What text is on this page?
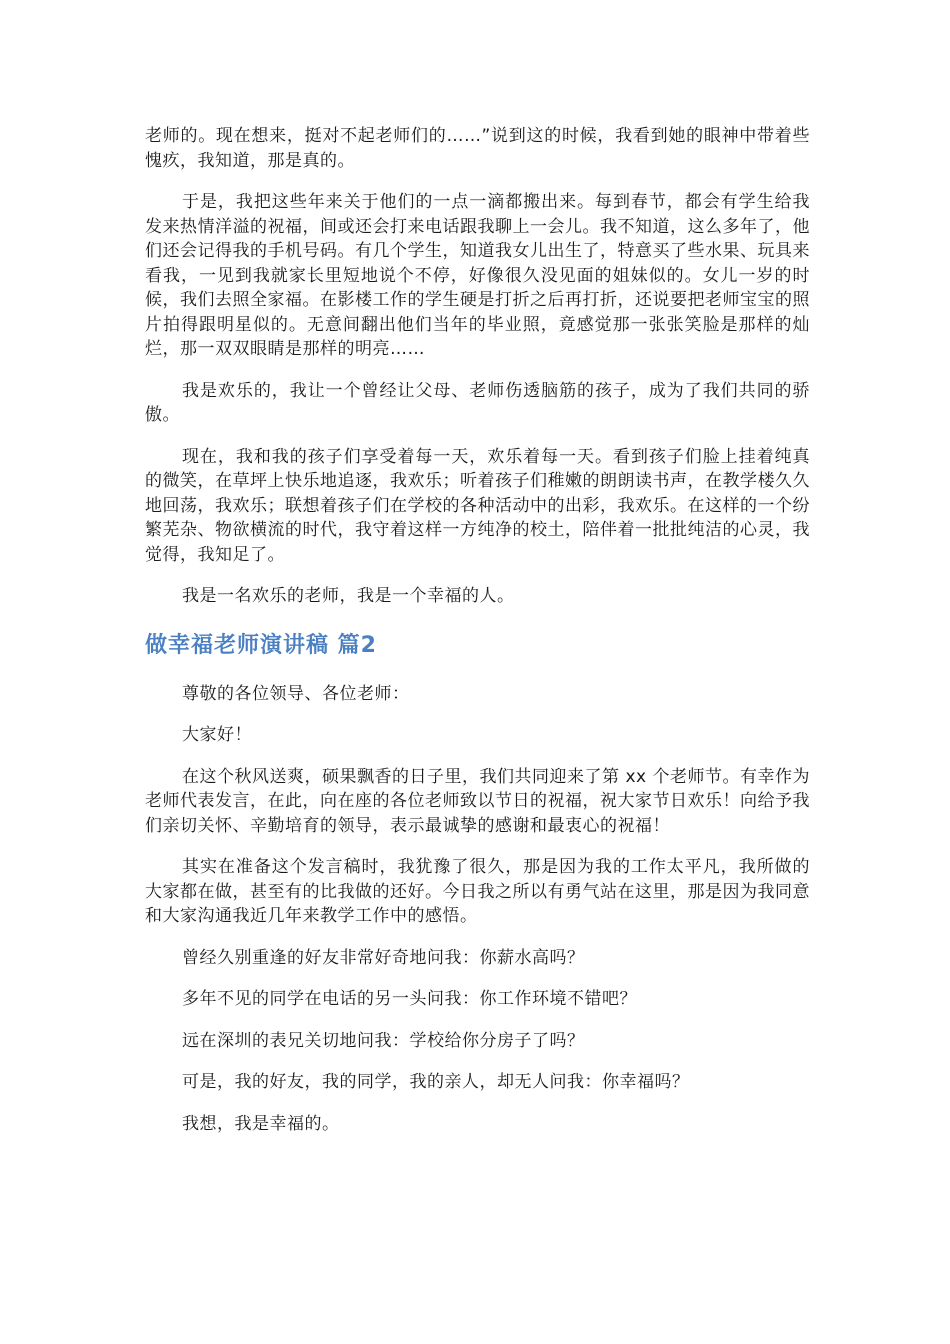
老师的。现在想来，挺对不起老师们的……”说到这的时候，我看到她的眼神中带着些愧疚，我知道，那是真的。

于是，我把这些年来关于他们的一点一滴都搬出来。每到春节，都会有学生给我发来热情洋溢的祝福，间或还会打来电话跟我聊上一会儿。我不知道，这么多年了，他们还会记得我的手机号码。有几个学生，知道我女儿出生了，特意买了些水果、玩具来看我，一见到我就家长里短地说个不停，好像很久没见面的姐妹似的。女儿一岁的时候，我们去照全家福。在影楼工作的学生硬是打折之后再打折，还说要把老师宝宝的照片拍得跟明星似的。无意间翻出他们当年的毕业照，竟感觉那一张张笑脸是那样的灿烂，那一双双眼睛是那样的明亮……

我是欢乐的，我让一个曾经让父母、老师伤透脑筋的孩子，成为了我们共同的骄傲。

现在，我和我的孩子们享受着每一天，欢乐着每一天。看到孩子们脸上挂着纯真的微笑，在草坪上快乐地追逐，我欢乐；听着孩子们稚嫩的朗朗读书声，在教学楼久久地回荡，我欢乐；联想着孩子们在学校的各种活动中的出彩，我欢乐。在这样的一个纷繁芜杂、物欲横流的时代，我守着这样一方纯净的校土，陪伴着一批批纯洁的心灵，我觉得，我知足了。

我是一名欢乐的老师，我是一个幸福的人。

做幸福老师演讲稿 篇2

尊敬的各位领导、各位老师：

大家好！

在这个秋风送爽，硕果飘香的日子里，我们共同迎来了第 xx 个老师节。有幸作为老师代表发言，在此，向在座的各位老师致以节日的祝福，祝大家节日欢乐！向给予我们亲切关怀、辛勤培育的领导，表示最诚挚的感谢和最衷心的祝福！

其实在准备这个发言稿时，我犹豫了很久，那是因为我的工作太平凡，我所做的大家都在做，甚至有的比我做的还好。今日我之所以有勇气站在这里，那是因为我同意和大家沟通我近几年来教学工作中的感悟。

曾经久别重逢的好友非常好奇地问我：你薪水高吗？

多年不见的同学在电话的另一头问我：你工作环境不错吧？

远在深圳的表兄关切地问我：学校给你分房子了吗？

可是，我的好友，我的同学，我的亲人，却无人问我：你幸福吗？

我想，我是幸福的。
